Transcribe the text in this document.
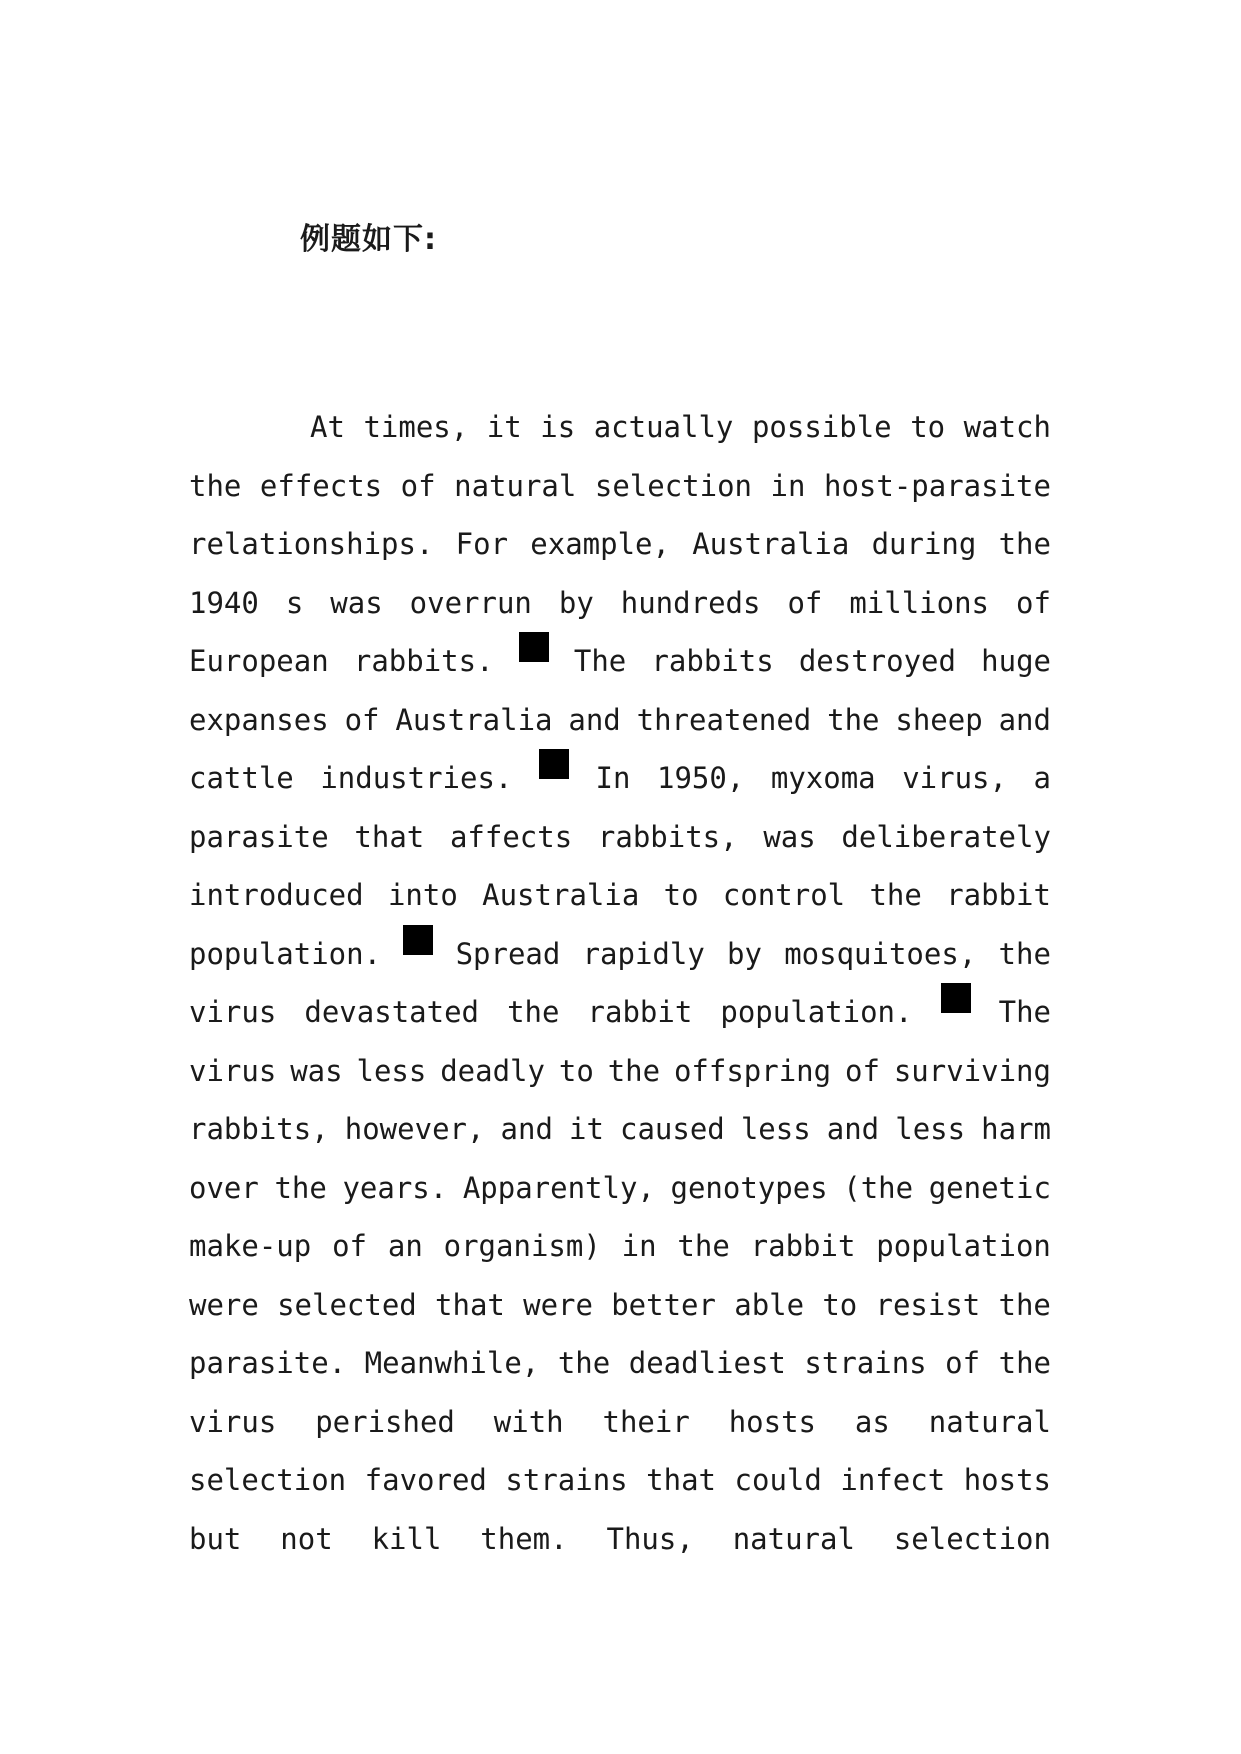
例题如下:
At times, it is actually possible to watch
the effects of natural selection in host-parasite
relationships. For example, Australia during the
1940 s was overrun by hundreds of millions of
European rabbits.	The rabbits destroyed huge
expanses of Australia and threatened the sheep and
cattle industries.	In 1950, myxoma virus, a
parasite that affects rabbits, was deliberately
introduced into Australia to control the rabbit
population.	Spread rapidly by mosquitoes, the
virus devastated the rabbit population.	The
virus was less deadly to the offspring of surviving
rabbits, however, and it caused less and less harm
over the years. Apparently, genotypes (the genetic
make-up of an organism) in the rabbit population
were selected that were better able to resist the
parasite. Meanwhile, the deadliest strains of the
virus perished with their hosts as natural
selection favored strains that could infect hosts
but not kill them. Thus, natural selection
